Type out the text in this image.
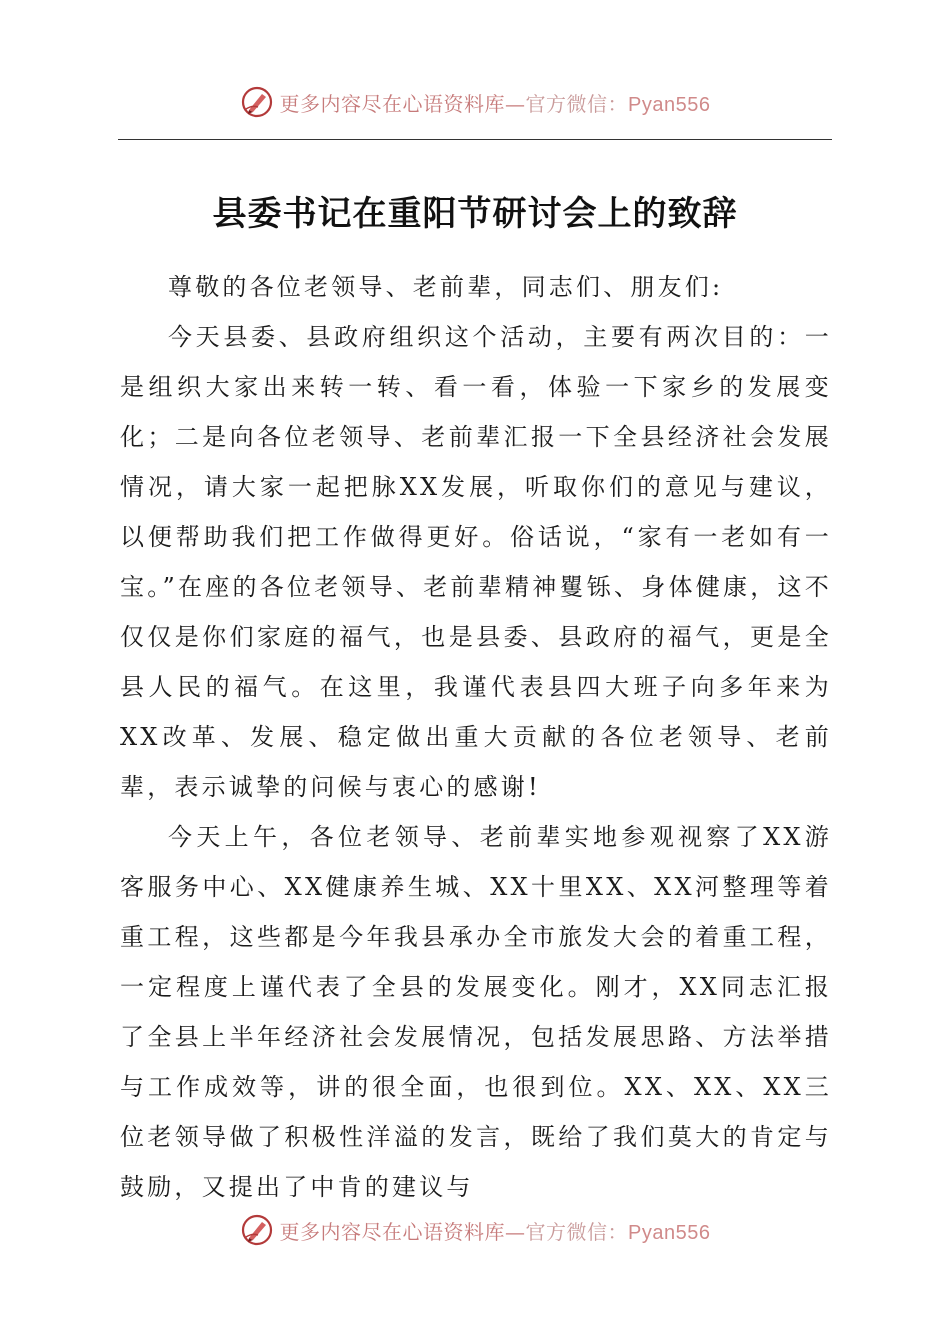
更多内容尽在心语资料库—官方微信：Pyan556
县委书记在重阳节研讨会上的致辞

尊敬的各位老领导、老前辈，同志们、朋友们:

今天县委、县政府组织这个活动，主要有两次目的：一是组织大家出来转一转、看一看，体验一下家乡的发展变化；二是向各位老领导、老前辈汇报一下全县经济社会发展情况，请大家一起把脉XX发展，听取你们的意见与建议，以便帮助我们把工作做得更好。俗话说，“家有一老如有一宝。”在座的各位老领导、老前辈精神矍铄、身体健康，这不仅仅是你们家庭的福气，也是县委、县政府的福气，更是全县人民的福气。在这里，我谨代表县四大班子向多年来为XX改革、发展、稳定做出重大贡献的各位老领导、老前辈，表示诚挚的问候与衷心的感谢!

今天上午，各位老领导、老前辈实地参观视察了XX游客服务中心、XX健康养生城、XX十里XX、XX河整理等着重工程，这些都是今年我县承办全市旅发大会的着重工程，一定程度上谨代表了全县的发展变化。刚才，XX同志汇报了全县上半年经济社会发展情况，包括发展思路、方法举措与工作成效等，讲的很全面，也很到位。XX、XX、XX三位老领导做了积极性洋溢的发言，既给了我们莫大的肯定与鼓励，又提出了中肯的建议与

更多内容尽在心语资料库—官方微信：Pyan556
